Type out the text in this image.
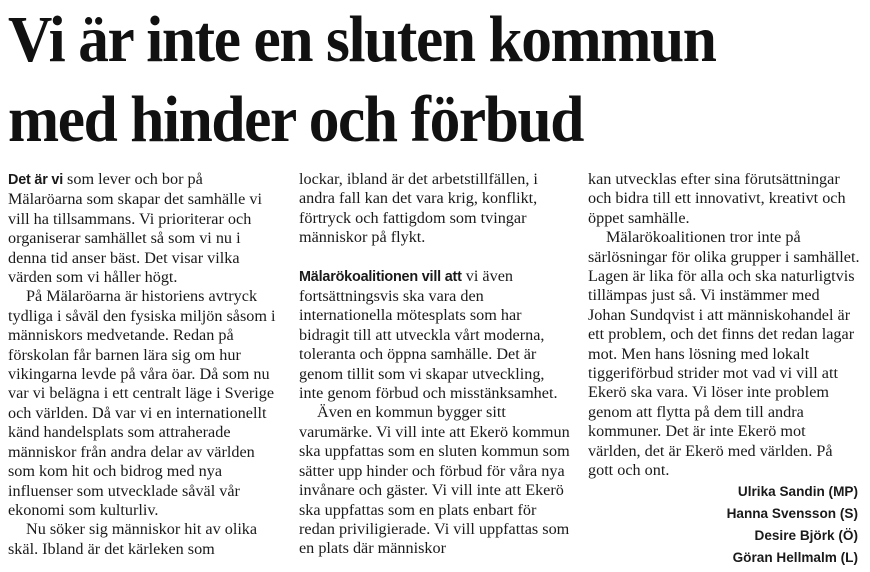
Vi är inte en sluten kommun
med hinder och förbud

Det är vi som lever och bor på Mälaröarna som skapar det samhälle vi vill ha tillsammans. Vi prioriterar och organiserar samhället så som vi nu i denna tid anser bäst. Det visar vilka värden som vi håller högt.

På Mälaröarna är historiens avtryck tydliga i såväl den fysiska miljön såsom i människors medvetande. Redan på förskolan får barnen lära sig om hur vikingarna levde på våra öar. Då som nu var vi belägna i ett centralt läge i Sverige och världen. Då var vi en internationellt känd handelsplats som attraherade människor från andra delar av världen som kom hit och bidrog med nya influenser som utvecklade såväl vår ekonomi som kulturliv.

Nu söker sig människor hit av olika skäl. Ibland är det kärleken som

lockar, ibland är det arbetstillfällen, i andra fall kan det vara krig, konflikt, förtryck och fattigdom som tvingar människor på flykt.

Mälarökoalitionen vill att vi även fortsättningsvis ska vara den internationella mötesplats som har bidragit till att utveckla vårt moderna, toleranta och öppna samhälle. Det är genom tillit som vi skapar utveckling, inte genom förbud och misstänksamhet.

Även en kommun bygger sitt varumärke. Vi vill inte att Ekerö kommun ska uppfattas som en sluten kommun som sätter upp hinder och förbud för våra nya invånare och gäster. Vi vill inte att Ekerö ska uppfattas som en plats enbart för redan priviligierade. Vi vill uppfattas som en plats där människor

kan utvecklas efter sina förutsättningar och bidra till ett innovativt, kreativt och öppet samhälle.

Mälarökoalitionen tror inte på särlösningar för olika grupper i samhället. Lagen är lika för alla och ska naturligtvis tillämpas just så. Vi instämmer med Johan Sundqvist i att människohandel är ett problem, och det finns det redan lagar mot. Men hans lösning med lokalt tiggeriförbud strider mot vad vi vill att Ekerö ska vara. Vi löser inte problem genom att flytta på dem till andra kommuner. Det är inte Ekerö mot världen, det är Ekerö med världen. På gott och ont.

Ulrika Sandin (MP)
Hanna Svensson (S)
Desire Björk (Ö)
Göran Hellmalm (L)
